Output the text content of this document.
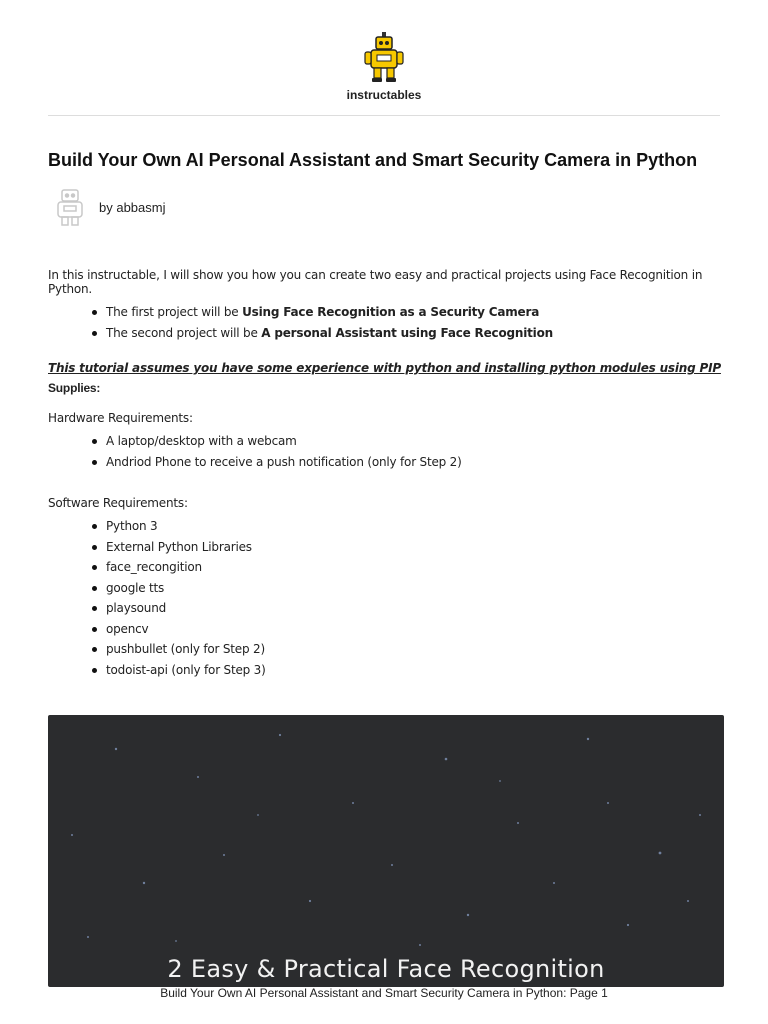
instructables
Build Your Own AI Personal Assistant and Smart Security Camera in Python
by abbasmj

In this instructable, I will show you how you can create two easy and practical projects using Face Recognition in Python.

The first project will be Using Face Recognition as a Security Camera
The second project will be A personal Assistant using Face Recognition

This tutorial assumes you have some experience with python and installing python modules using PIP

Supplies:

Hardware Requirements:

A laptop/desktop with a webcam
Andriod Phone to receive a push notification (only for Step 2)

Software Requirements:

Python 3
External Python Libraries
face_recongition
google tts
playsound
opencv
pushbullet (only for Step 2)
todoist-api (only for Step 3)
2 Easy & Practical Face Recognition
Build Your Own AI Personal Assistant and Smart Security Camera in Python: Page 1
